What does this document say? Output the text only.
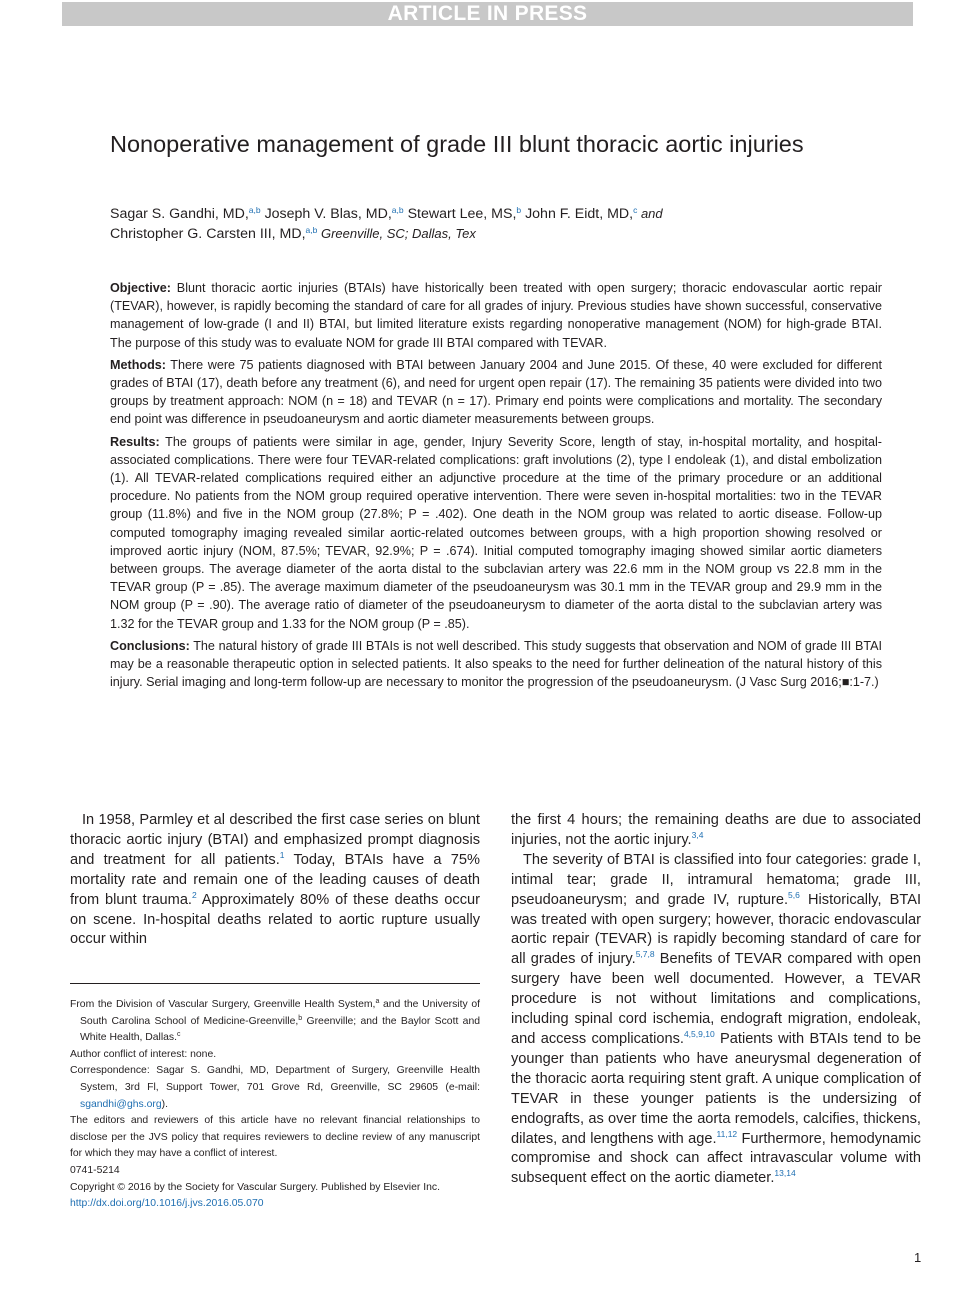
ARTICLE IN PRESS
Nonoperative management of grade III blunt thoracic aortic injuries
Sagar S. Gandhi, MD,$^{a,b}$ Joseph V. Blas, MD,$^{a,b}$ Stewart Lee, MS,$^b$ John F. Eidt, MD,$^c$ and
Christopher G. Carsten III, MD,$^{a,b}$ Greenville, SC; Dallas, Tex

Objective: Blunt thoracic aortic injuries (BTAIs) have historically been treated with open surgery; thoracic endovascular aortic repair (TEVAR), however, is rapidly becoming the standard of care for all grades of injury. Previous studies have shown successful, conservative management of low-grade (I and II) BTAI, but limited literature exists regarding nonoperative management (NOM) for high-grade BTAI. The purpose of this study was to evaluate NOM for grade III BTAI compared with TEVAR.

Methods: There were 75 patients diagnosed with BTAI between January 2004 and June 2015. Of these, 40 were excluded for different grades of BTAI (17), death before any treatment (6), and need for urgent open repair (17). The remaining 35 patients were divided into two groups by treatment approach: NOM (n = 18) and TEVAR (n = 17). Primary end points were complications and mortality. The secondary end point was difference in pseudoaneurysm and aortic diameter measurements between groups.

Results: The groups of patients were similar in age, gender, Injury Severity Score, length of stay, in-hospital mortality, and hospital-associated complications. There were four TEVAR-related complications: graft involutions (2), type I endoleak (1), and distal embolization (1). All TEVAR-related complications required either an adjunctive procedure at the time of the primary procedure or an additional procedure. No patients from the NOM group required operative intervention. There were seven in-hospital mortalities: two in the TEVAR group (11.8%) and five in the NOM group (27.8%; P = .402). One death in the NOM group was related to aortic disease. Follow-up computed tomography imaging revealed similar aortic-related outcomes between groups, with a high proportion showing resolved or improved aortic injury (NOM, 87.5%; TEVAR, 92.9%; P = .674). Initial computed tomography imaging showed similar aortic diameters between groups. The average diameter of the aorta distal to the subclavian artery was 22.6 mm in the NOM group vs 22.8 mm in the TEVAR group (P = .85). The average maximum diameter of the pseudoaneurysm was 30.1 mm in the TEVAR group and 29.9 mm in the NOM group (P = .90). The average ratio of diameter of the pseudoaneurysm to diameter of the aorta distal to the subclavian artery was 1.32 for the TEVAR group and 1.33 for the NOM group (P = .85).

Conclusions: The natural history of grade III BTAIs is not well described. This study suggests that observation and NOM of grade III BTAI may be a reasonable therapeutic option in selected patients. It also speaks to the need for further delineation of the natural history of this injury. Serial imaging and long-term follow-up are necessary to monitor the progression of the pseudoaneurysm. (J Vasc Surg 2016;■:1-7.)

In 1958, Parmley et al described the first case series on blunt thoracic aortic injury (BTAI) and emphasized prompt diagnosis and treatment for all patients.$^1$ Today, BTAIs have a 75% mortality rate and remain one of the leading causes of death from blunt trauma.$^2$ Approximately 80% of these deaths occur on scene. In-hospital deaths related to aortic rupture usually occur within

From the Division of Vascular Surgery, Greenville Health System,$^a$ and the University of South Carolina School of Medicine-Greenville,$^b$ Greenville; and the Baylor Scott and White Health, Dallas.$^c$

Author conflict of interest: none.

Correspondence: Sagar S. Gandhi, MD, Department of Surgery, Greenville Health System, 3rd Fl, Support Tower, 701 Grove Rd, Greenville, SC 29605 (e-mail: sgandhi@ghs.org).

The editors and reviewers of this article have no relevant financial relationships to disclose per the JVS policy that requires reviewers to decline review of any manuscript for which they may have a conflict of interest.

0741-5214

Copyright © 2016 by the Society for Vascular Surgery. Published by Elsevier Inc.

http://dx.doi.org/10.1016/j.jvs.2016.05.070

the first 4 hours; the remaining deaths are due to associated injuries, not the aortic injury.$^{3,4}$

The severity of BTAI is classified into four categories: grade I, intimal tear; grade II, intramural hematoma; grade III, pseudoaneurysm; and grade IV, rupture.$^{5,6}$ Historically, BTAI was treated with open surgery; however, thoracic endovascular aortic repair (TEVAR) is rapidly becoming standard of care for all grades of injury.$^{5,7,8}$ Benefits of TEVAR compared with open surgery have been well documented. However, a TEVAR procedure is not without limitations and complications, including spinal cord ischemia, endograft migration, endoleak, and access complications.$^{4,5,9,10}$ Patients with BTAIs tend to be younger than patients who have aneurysmal degeneration of the thoracic aorta requiring stent graft. A unique complication of TEVAR in these younger patients is the undersizing of endografts, as over time the aorta remodels, calcifies, thickens, dilates, and lengthens with age.$^{11,12}$ Furthermore, hemodynamic compromise and shock can affect intravascular volume with subsequent effect on the aortic diameter.$^{13,14}$

1
